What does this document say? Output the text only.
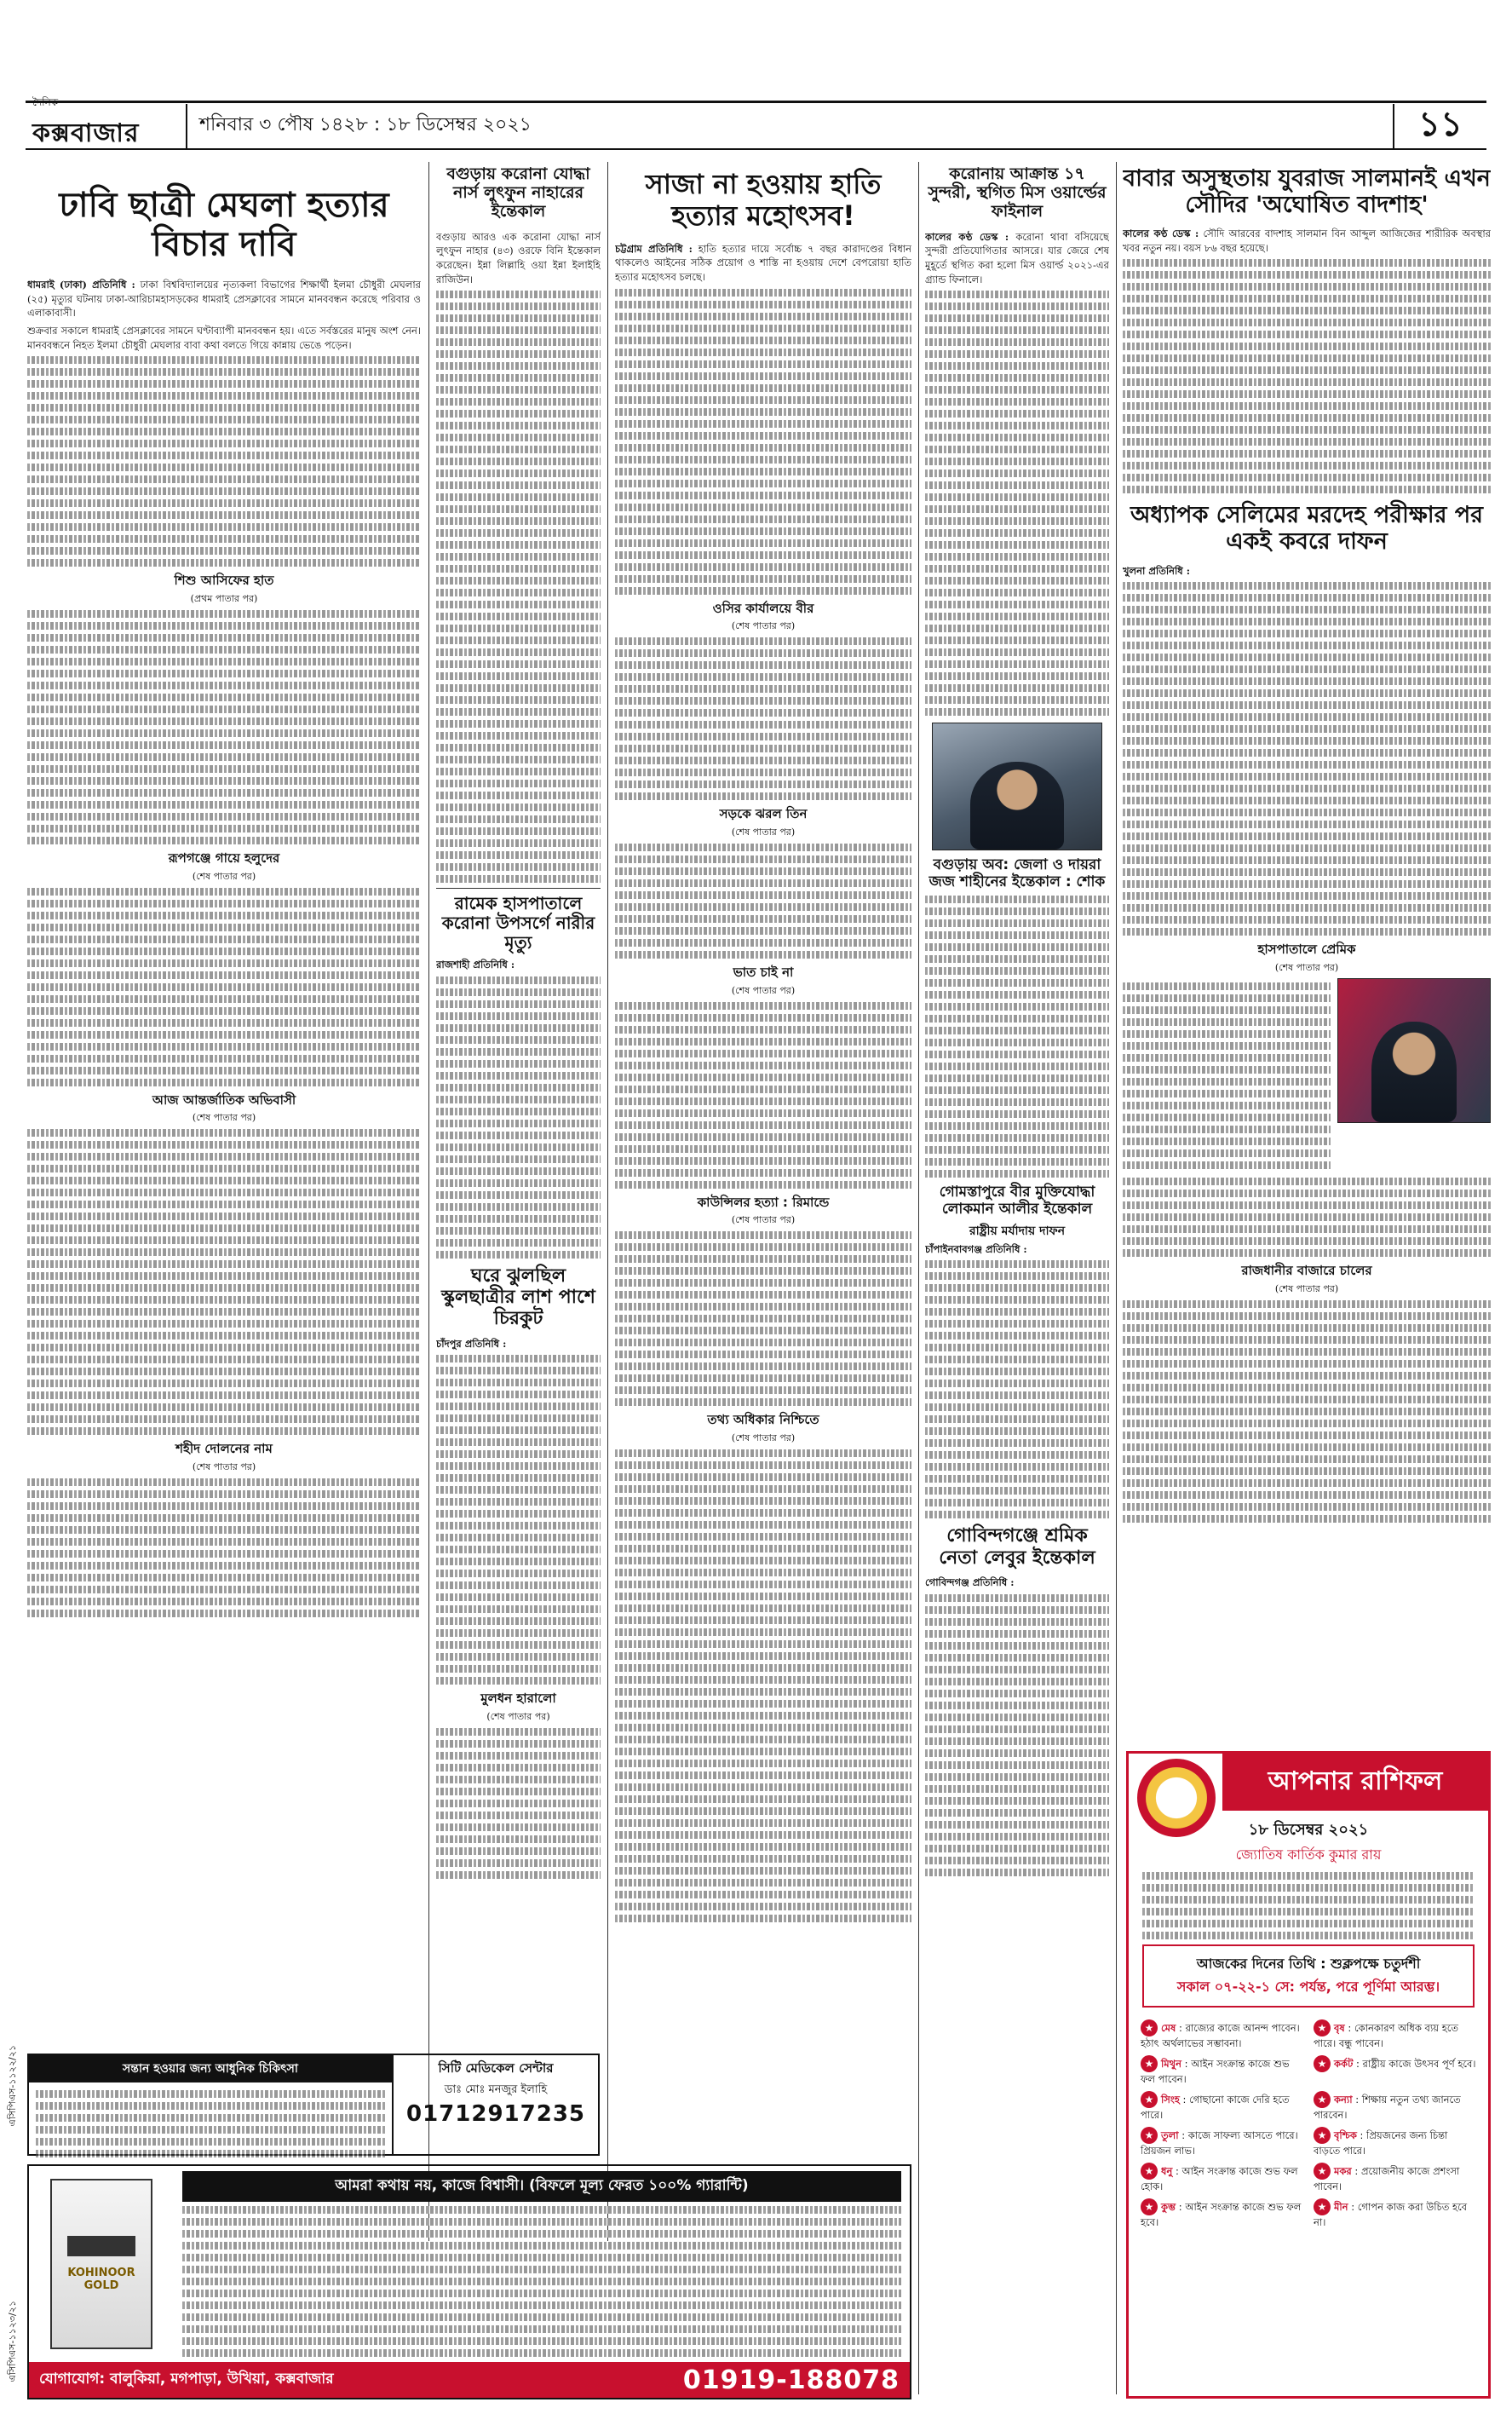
দৈনিক
কক্সবাজার	শনিবার ৩ পৌষ ১৪২৮ : ১৮ ডিসেম্বর ২০২১	১১
ঢাবি ছাত্রী মেঘলা হত্যার বিচার দাবি

ধামরাই (ঢাকা) প্রতিনিধি : ঢাকা বিশ্ববিদ্যালয়ের নৃত্যকলা বিভাগের শিক্ষার্থী ইলমা চৌধুরী মেঘলার (২৫) মৃত্যুর ঘটনায় ঢাকা-আরিচামহাসড়কের ধামরাই প্রেসক্লাবের সামনে মানববন্ধন করেছে পরিবার ও এলাকাবাসী।

শুক্রবার সকালে ধামরাই প্রেসক্লাবের সামনে ঘণ্টাব্যাপী মানববন্ধন হয়। এতে সর্বস্তরের মানুষ অংশ নেন। মানববন্ধনে নিহত ইলমা চৌধুরী মেঘলার বাবা কথা বলতে গিয়ে কান্নায় ভেঙে পড়েন।

শিশু আসিফের হাত
(প্রথম পাতার পর)
রূপগঞ্জে গায়ে হলুদের
(শেষ পাতার পর)
আজ আন্তর্জাতিক অভিবাসী
(শেষ পাতার পর)
শহীদ দোলনের নাম
(শেষ পাতার পর)
বগুড়ায় করোনা যোদ্ধা নার্স লুৎফুন নাহারের ইন্তেকাল

বগুড়ায় আরও এক করোনা যোদ্ধা নার্স লুৎফুন নাহার (৪৩) ওরফে বিনি ইন্তেকাল করেছেন। ইন্না লিল্লাহি ওয়া ইন্না ইলাইহি রাজিউন।

রামেক হাসপাতালে করোনা উপসর্গে নারীর মৃত্যু

রাজশাহী প্রতিনিধি :

ঘরে ঝুলছিল স্কুলছাত্রীর লাশ পাশে চিরকুট

চাঁদপুর প্রতিনিধি :

মুলধন হারালো
(শেষ পাতার পর)
সাজা না হওয়ায় হাতি হত্যার মহোৎসব!

চট্টগ্রাম প্রতিনিধি : হাতি হত্যার দায়ে সর্বোচ্চ ৭ বছর কারাদণ্ডের বিধান থাকলেও আইনের সঠিক প্রয়োগ ও শাস্তি না হওয়ায় দেশে বেপরোয়া হাতি হত্যার মহোৎসব চলছে।

ওসির কার্যালয়ে বীর
(শেষ পাতার পর)
সড়কে ঝরল তিন
(শেষ পাতার পর)
ভাত চাই না
(শেষ পাতার পর)
কাউন্সিলর হত্যা : রিমান্ডে
(শেষ পাতার পর)
তথ্য অধিকার নিশ্চিতে
(শেষ পাতার পর)
করোনায় আক্রান্ত ১৭ সুন্দরী, স্থগিত মিস ওয়ার্ল্ডের ফাইনাল

কালের কণ্ঠ ডেস্ক : করোনা থাবা বসিয়েছে সুন্দরী প্রতিযোগিতার আসরে। যার জেরে শেষ মুহূর্তে স্থগিত করা হলো মিস ওয়ার্ল্ড ২০২১-এর গ্র্যান্ড ফিনালে।

বগুড়ায় অব: জেলা ও দায়রা জজ শাহীনের ইন্তেকাল : শোক
গোমস্তাপুরে বীর মুক্তিযোদ্ধা লোকমান আলীর ইন্তেকাল
রাষ্ট্রীয় মর্যাদায় দাফন

চাঁপাইনবাবগঞ্জ প্রতিনিধি :

গোবিন্দগঞ্জে শ্রমিক নেতা লেবুর ইন্তেকাল

গোবিন্দগঞ্জ প্রতিনিধি :

বাবার অসুস্থতায় যুবরাজ সালমানই এখন সৌদির 'অঘোষিত বাদশাহ'

কালের কণ্ঠ ডেস্ক : সৌদি আরবের বাদশাহ সালমান বিন আব্দুল আজিজের শারীরিক অবস্থার খবর নতুন নয়। বয়স ৮৬ বছর হয়েছে।

অধ্যাপক সেলিমের মরদেহ পরীক্ষার পর একই কবরে দাফন

খুলনা প্রতিনিধি :

হাসপাতালে প্রেমিক
(শেষ পাতার পর)
রাজধানীর বাজারে চালের
(শেষ পাতার পর)
সন্তান হওয়ার জন্য আধুনিক চিকিৎসা	সিটি মেডিকেল সেন্টার
ডাঃ মোঃ মনজুর ইলাহি
01712917235
KOHINOOR GOLD
আমরা কথায় নয়, কাজে বিশ্বাসী। (বিফলে মূল্য ফেরত ১০০% গ্যারান্টি)
যোগাযোগ: বালুকিয়া, মগপাড়া, উখিয়া, কক্সবাজার	01919-188078
আপনার রাশিফল
১৮ ডিসেম্বর ২০২১
জ্যোতিষ কার্তিক কুমার রায়
আজকের দিনের তিথি : শুক্লপক্ষে চতুর্দশী
সকাল ০৭-২২-১ সে: পর্যন্ত, পরে পূর্ণিমা আরম্ভ।
★ মেষ : রাজ্যের কাজে আনন্দ পাবেন। হঠাৎ অর্থলাভের সম্ভাবনা।
★ বৃষ : কোনকারণ অধিক ব্যয় হতে পারে। বন্ধু পাবেন।
★ মিথুন : আইন সংক্রান্ত কাজে শুভ ফল পাবেন।
★ কর্কট : রাষ্ট্রীয় কাজে উৎসব পূর্ণ হবে।
★ সিংহ : গোছানো কাজে দেরি হতে পারে।
★ কন্যা : শিক্ষায় নতুন তথ্য জানতে পারবেন।
★ তুলা : কাজে সাফল্য আসতে পারে। প্রিয়জন লাভ।
★ বৃশ্চিক : প্রিয়জনের জন্য চিন্তা বাড়তে পারে।
★ ধনু : আইন সংক্রান্ত কাজে শুভ ফল হোক।
★ মকর : প্রয়োজনীয় কাজে প্রশংসা পাবেন।
★ কুম্ভ : আইন সংক্রান্ত কাজে শুভ ফল হবে।
★ মীন : গোপন কাজ করা উচিত হবে না।
এসিপিএস-১১২২/২১
এসিপিএস-১১২৩/২১
